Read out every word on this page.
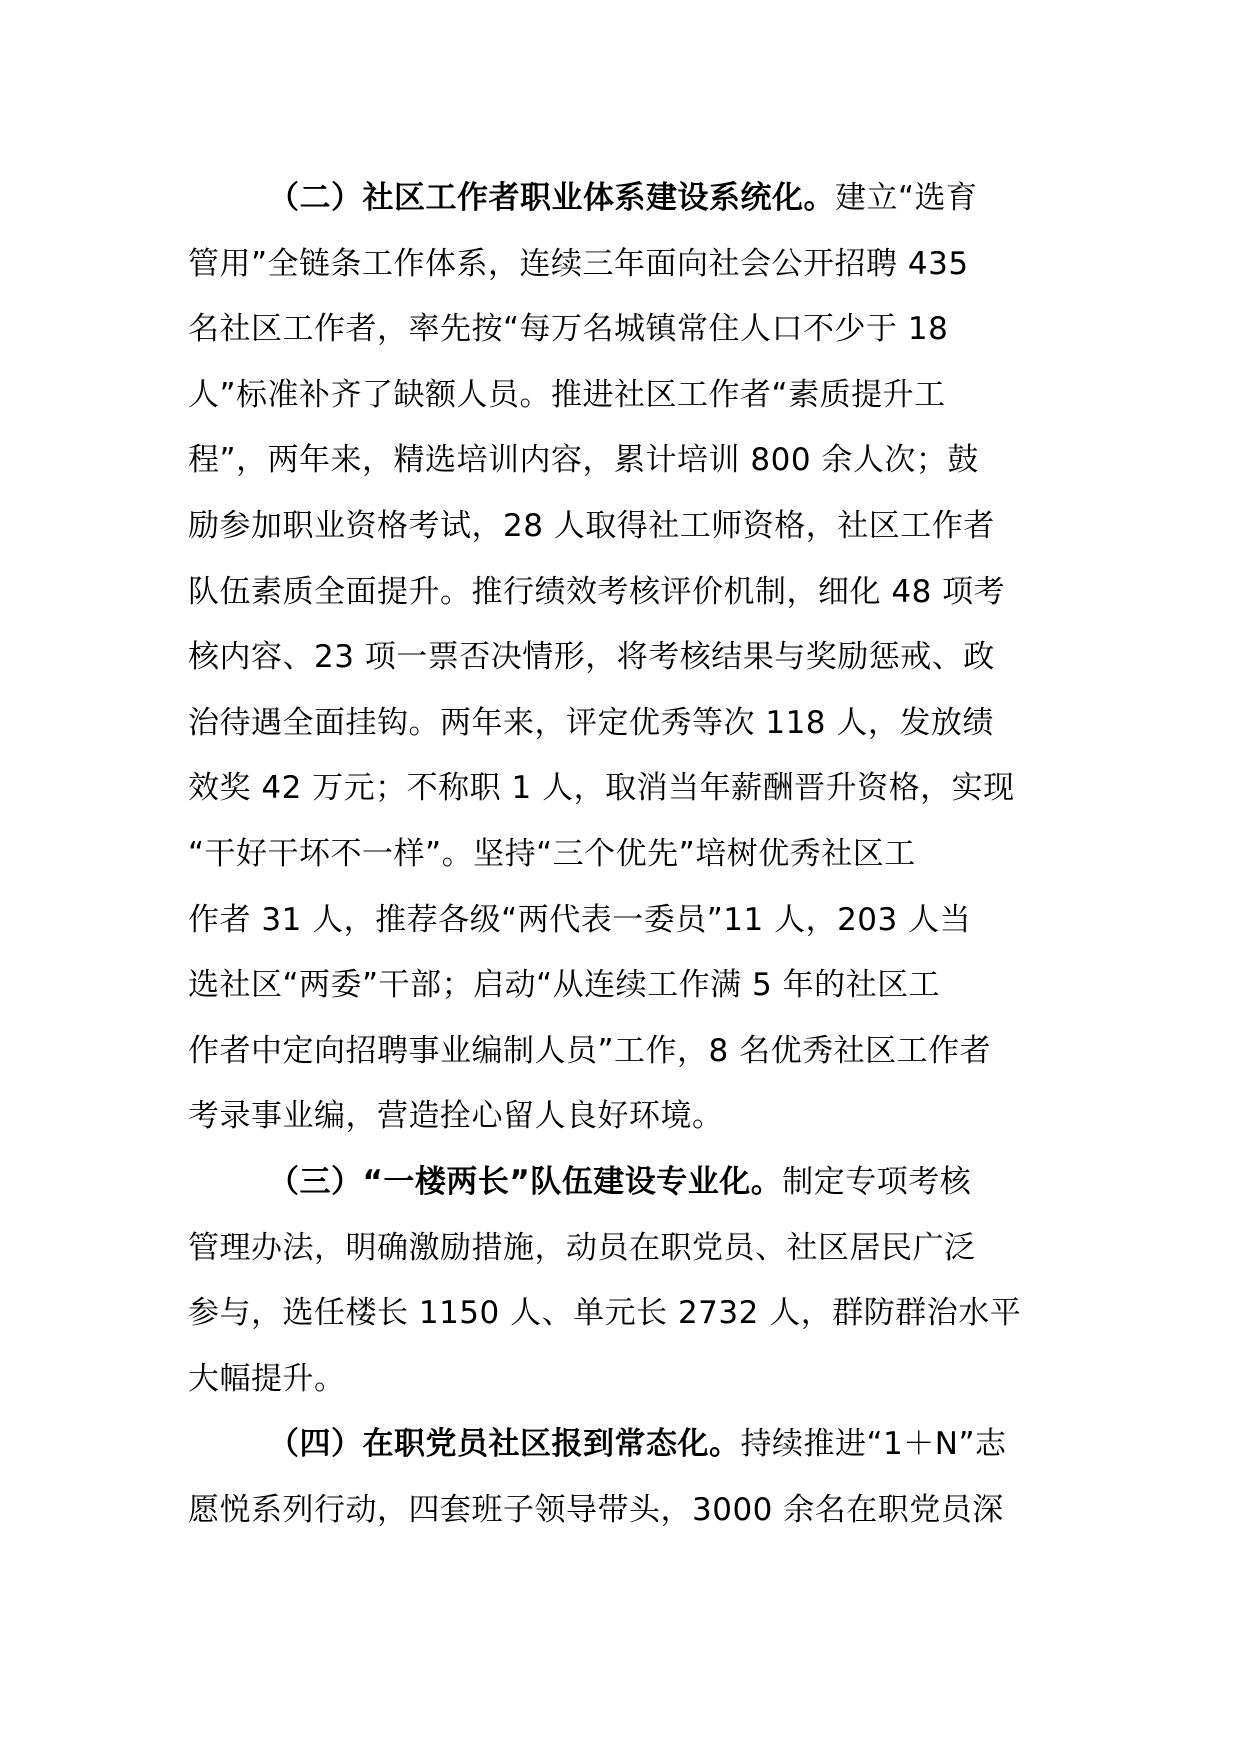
（二）社区工作者职业体系建设系统化。建立“选育
管用”全链条工作体系，连续三年面向社会公开招聘 435
名社区工作者，率先按“每万名城镇常住人口不少于 18
人”标准补齐了缺额人员。推进社区工作者“素质提升工
程”，两年来，精选培训内容，累计培训 800 余人次；鼓
励参加职业资格考试，28 人取得社工师资格，社区工作者
队伍素质全面提升。推行绩效考核评价机制，细化 48 项考
核内容、23 项一票否决情形，将考核结果与奖励惩戒、政
治待遇全面挂钩。两年来，评定优秀等次 118 人，发放绩
效奖 42 万元；不称职 1 人，取消当年薪酬晋升资格，实现
“干好干坏不一样”。坚持“三个优先”培树优秀社区工
作者 31 人，推荐各级“两代表一委员”11 人，203 人当
选社区“两委”干部；启动“从连续工作满 5 年的社区工
作者中定向招聘事业编制人员”工作，8 名优秀社区工作者
考录事业编，营造拴心留人良好环境。
（三）“一楼两长”队伍建设专业化。制定专项考核
管理办法，明确激励措施，动员在职党员、社区居民广泛
参与，选任楼长 1150 人、单元长 2732 人，群防群治水平
大幅提升。
（四）在职党员社区报到常态化。持续推进“1＋N”志
愿悦系列行动，四套班子领导带头，3000 余名在职党员深
